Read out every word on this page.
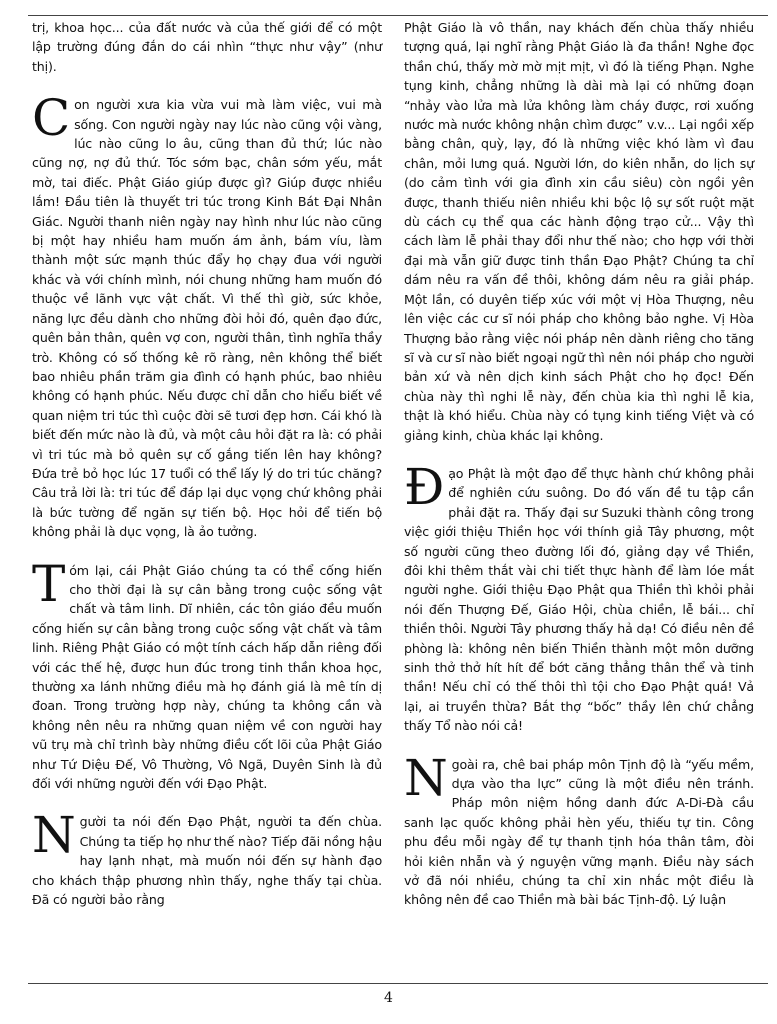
trị, khoa học... của đất nước và của thế giới để có một lập trường đúng đắn do cái nhìn “thực như vậy” (như thị).

Con người xưa kia vừa vui mà làm việc, vui mà sống. Con người ngày nay lúc nào cũng vội vàng, lúc nào cũng lo âu, cũng than đủ thứ; lúc nào cũng nợ, nợ đủ thứ. Tóc sớm bạc, chân sớm yếu, mắt mờ, tai điếc. Phật Giáo giúp được gì? Giúp được nhiều lắm! Đầu tiên là thuyết tri túc trong Kinh Bát Đại Nhân Giác. Người thanh niên ngày nay hình như lúc nào cũng bị một hay nhiều ham muốn ám ảnh, bám víu, làm thành một sức mạnh thúc đẩy họ chạy đua với người khác và với chính mình, nói chung những ham muốn đó thuộc về lãnh vực vật chất. Vì thế thì giờ, sức khỏe, năng lực đều dành cho những đòi hỏi đó, quên đạo đức, quên bản thân, quên vợ con, người thân, tình nghĩa thầy trò. Không có số thống kê rõ ràng, nên không thể biết bao nhiêu phần trăm gia đình có hạnh phúc, bao nhiêu không có hạnh phúc. Nếu được chỉ dẫn cho hiểu biết về quan niệm tri túc thì cuộc đời sẽ tươi đẹp hơn. Cái khó là biết đến mức nào là đủ, và một câu hỏi đặt ra là: có phải vì tri túc mà bỏ quên sự cố gắng tiến lên hay không? Đứa trẻ bỏ học lúc 17 tuổi có thể lấy lý do tri túc chăng? Câu trả lời là: tri túc để đáp lại dục vọng chứ không phải là bức tường để ngăn sự tiến bộ. Học hỏi để tiến bộ không phải là dục vọng, là ảo tưởng.

Tóm lại, cái Phật Giáo chúng ta có thể cống hiến cho thời đại là sự cân bằng trong cuộc sống vật chất và tâm linh. Dĩ nhiên, các tôn giáo đều muốn cống hiến sự cân bằng trong cuộc sống vật chất và tâm linh. Riêng Phật Giáo có một tính cách hấp dẫn riêng đối với các thế hệ, được hun đúc trong tinh thần khoa học, thường xa lánh những điều mà họ đánh giá là mê tín dị đoan. Trong trường hợp này, chúng ta không cần và không nên nêu ra những quan niệm về con người hay vũ trụ mà chỉ trình bày những điều cốt lõi của Phật Giáo như Tứ Diệu Đế, Vô Thường, Vô Ngã, Duyên Sinh là đủ đối với những người đến với Đạo Phật.

Người ta nói đến Đạo Phật, người ta đến chùa. Chúng ta tiếp họ như thế nào? Tiếp đãi nồng hậu hay lạnh nhạt, mà muốn nói đến sự hành đạo cho khách thập phương nhìn thấy, nghe thấy tại chùa. Đã có người bảo rằng

Phật Giáo là vô thần, nay khách đến chùa thấy nhiều tượng quá, lại nghĩ rằng Phật Giáo là đa thần! Nghe đọc thần chú, thấy mờ mờ mịt mịt, vì đó là tiếng Phạn. Nghe tụng kinh, chẳng những là dài mà lại có những đoạn “nhảy vào lửa mà lửa không làm cháy được, rơi xuống nước mà nước không nhận chìm được” v.v... Lại ngồi xếp bằng chân, quỳ, lạy, đó là những việc khó làm vì đau chân, mỏi lưng quá. Người lớn, do kiên nhẫn, do lịch sự (do cảm tình với gia đình xin cầu siêu) còn ngồi yên được, thanh thiếu niên nhiều khi bộc lộ sự sốt ruột mặt dù cách cụ thể qua các hành động trạo cử... Vậy thì cách làm lễ phải thay đổi như thế nào; cho hợp với thời đại mà vẫn giữ được tinh thần Đạo Phật? Chúng ta chỉ dám nêu ra vấn đề thôi, không dám nêu ra giải pháp. Một lần, có duyên tiếp xúc với một vị Hòa Thượng, nêu lên việc các cư sĩ nói pháp cho không bảo nghe. Vị Hòa Thượng bảo rằng việc nói pháp nên dành riêng cho tăng sĩ và cư sĩ nào biết ngoại ngữ thì nên nói pháp cho người bản xứ và nên dịch kinh sách Phật cho họ đọc! Đến chùa này thì nghi lễ này, đến chùa kia thì nghi lễ kia, thật là khó hiểu. Chùa này có tụng kinh tiếng Việt và có giảng kinh, chùa khác lại không.

Đạo Phật là một đạo để thực hành chứ không phải để nghiên cứu suông. Do đó vấn đề tu tập cần phải đặt ra. Thấy đại sư Suzuki thành công trong việc giới thiệu Thiền học với thính giả Tây phương, một số người cũng theo đường lối đó, giảng dạy về Thiền, đôi khi thêm thắt vài chi tiết thực hành để làm lóe mắt người nghe. Giới thiệu Đạo Phật qua Thiền thì khỏi phải nói đến Thượng Đế, Giáo Hội, chùa chiền, lễ bái... chỉ thiền thôi. Người Tây phương thấy hả dạ! Có điều nên đề phòng là: không nên biến Thiền thành một môn dưỡng sinh thở thở hít hít để bớt căng thẳng thân thể và tinh thần! Nếu chỉ có thế thôi thì tội cho Đạo Phật quá! Vả lại, ai truyền thừa? Bắt thợ “bốc” thầy lên chứ chẳng thấy Tổ nào nói cả!

Ngoài ra, chê bai pháp môn Tịnh độ là “yếu mềm, dựa vào tha lực” cũng là một điều nên tránh. Pháp môn niệm hồng danh đức A-Di-Đà cầu sanh lạc quốc không phải hèn yếu, thiếu tự tin. Công phu đều mỗi ngày để tự thanh tịnh hóa thân tâm, đòi hỏi kiên nhẫn và ý nguyện vững mạnh. Điều này sách vở đã nói nhiều, chúng ta chỉ xin nhắc một điều là không nên đề cao Thiền mà bài bác Tịnh-độ. Lý luận

4
